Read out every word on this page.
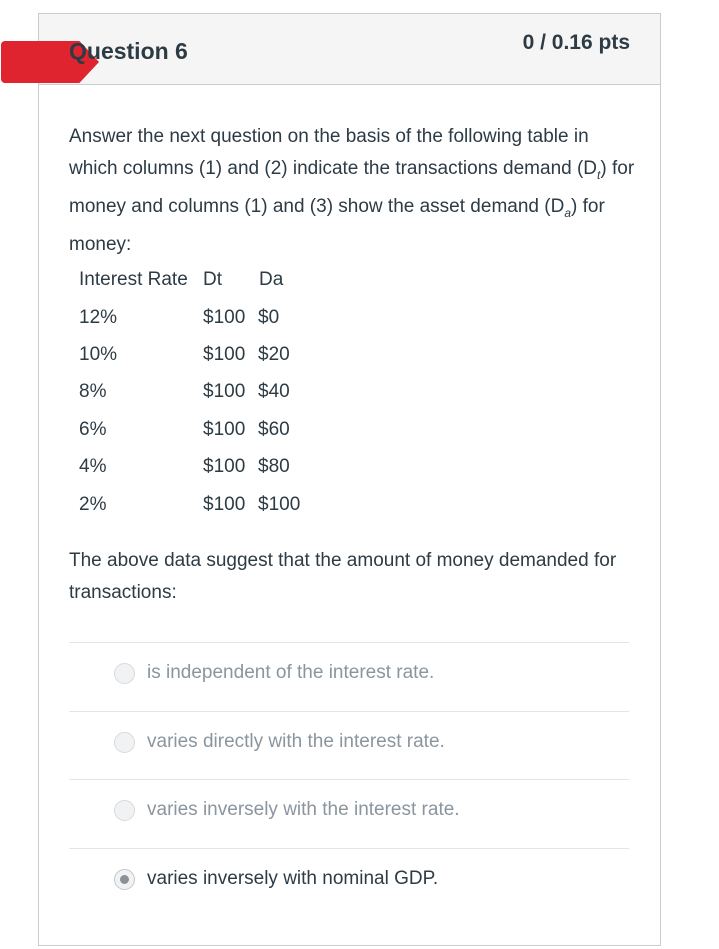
Question 6	0 / 0.16 pts
Answer the next question on the basis of the following table in which columns (1) and (2) indicate the transactions demand $(D_t)$ for money and columns (1) and (3) show the asset demand $(D_a)$ for money:
Interest Rate Dt Da
12%	$100 $0
10%	$100 $20
8%	$100 $40
6%	$100 $60
4%	$100 $80
2%	$100 $100
The above data suggest that the amount of money demanded for transactions:
is independent of the interest rate.
varies directly with the interest rate.
varies inversely with the interest rate.
varies inversely with nominal GDP.
